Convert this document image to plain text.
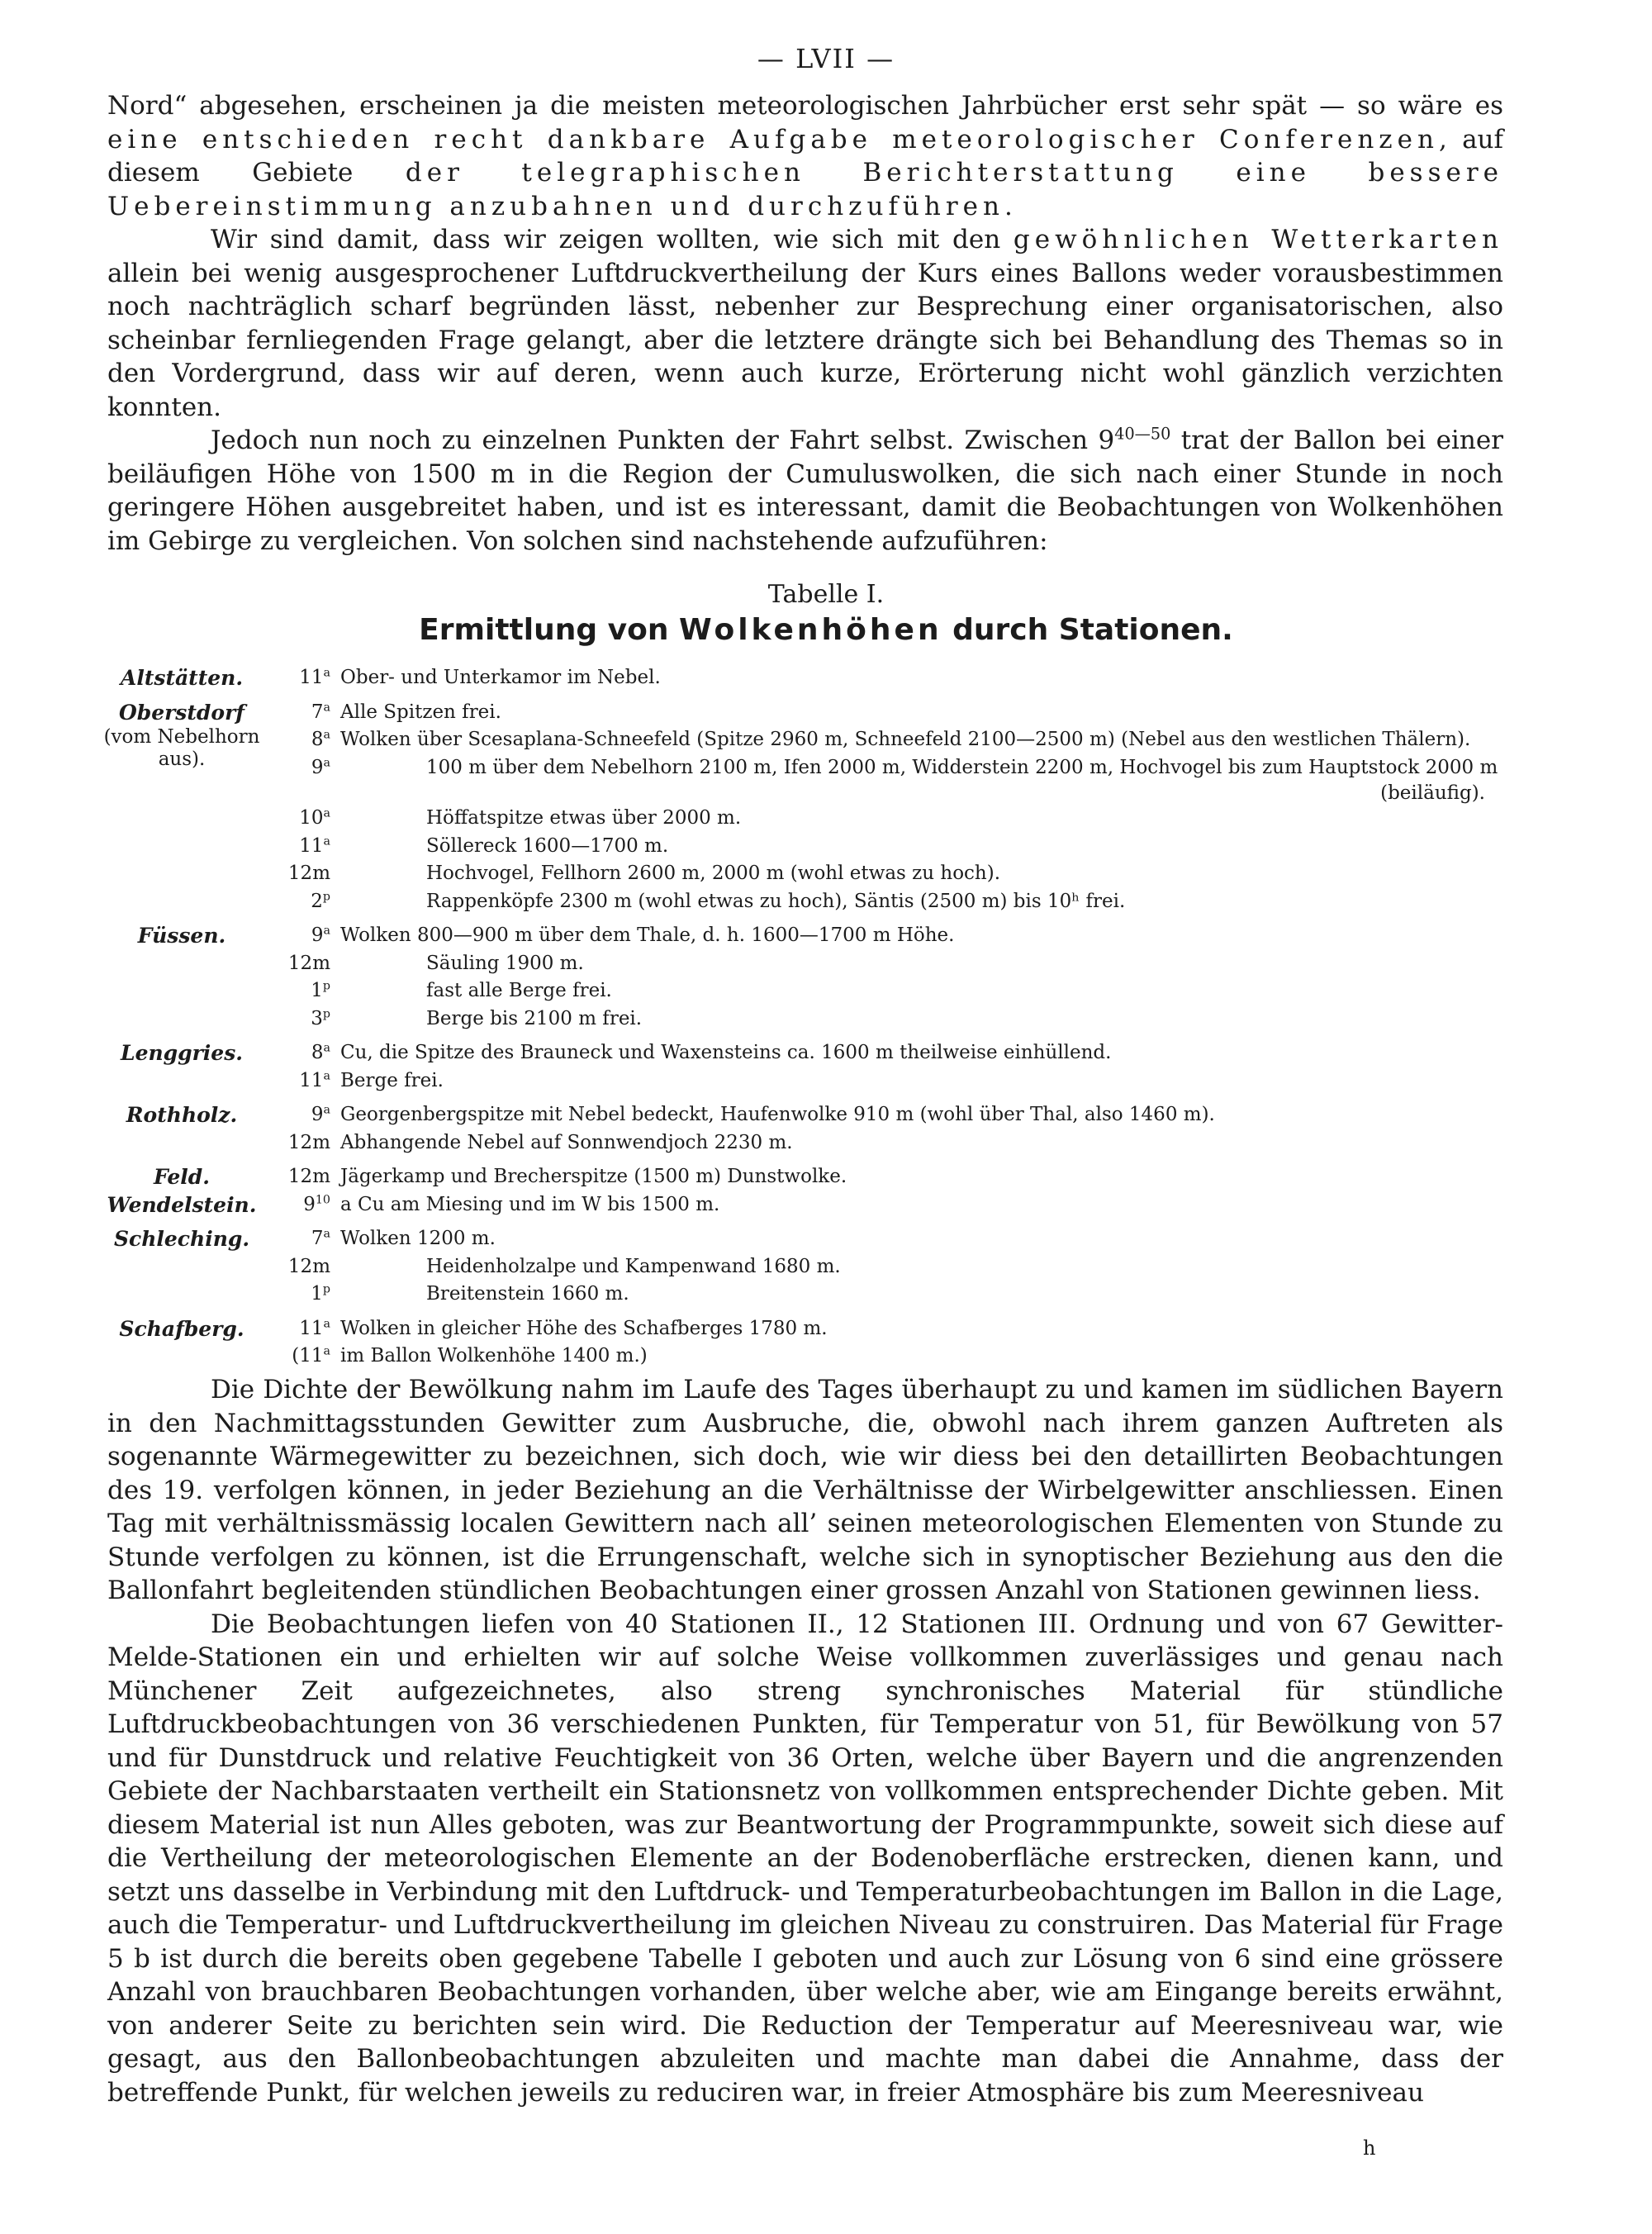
— LVII —

Nord“ abgesehen, erscheinen ja die meisten meteorologischen Jahrbücher erst sehr spät — so wäre es eine entschieden recht dankbare Aufgabe meteorologischer Conferenzen, auf diesem Gebiete der telegraphischen Berichterstattung eine bessere Uebereinstimmung anzubahnen und durchzuführen.

Wir sind damit, dass wir zeigen wollten, wie sich mit den gewöhnlichen Wetterkarten allein bei wenig ausgesprochener Luftdruckvertheilung der Kurs eines Ballons weder vorausbestimmen noch nachträglich scharf begründen lässt, nebenher zur Besprechung einer organisatorischen, also scheinbar fernliegenden Frage gelangt, aber die letztere drängte sich bei Behandlung des Themas so in den Vordergrund, dass wir auf deren, wenn auch kurze, Erörterung nicht wohl gänzlich verzichten konnten.

Jedoch nun noch zu einzelnen Punkten der Fahrt selbst. Zwischen $9^{40—50}$ trat der Ballon bei einer beiläufigen Höhe von 1500 m in die Region der Cumuluswolken, die sich nach einer Stunde in noch geringere Höhen ausgebreitet haben, und ist es interessant, damit die Beobachtungen von Wolkenhöhen im Gebirge zu vergleichen. Von solchen sind nachstehende aufzuführen:

Tabelle I.
Ermittlung von Wolkenhöhen durch Stationen.
Altstätten.	11$^a$ Ober- und Unterkamor im Nebel.
Oberstdorf	7$^a$ Alle Spitzen frei.
(vom Nebelhorn aus).
8$^a$ Wolken über Scesaplana-Schneefeld (Spitze 2960 m, Schneefeld 2100—2500 m) (Nebel aus den westlichen Thälern).
9$^a$	100 m über dem Nebelhorn 2100 m, Ifen 2000 m, Widderstein 2200 m, Hochvogel bis zum Hauptstock 2000 m
(beiläufig).
10$^a$	Höffatspitze etwas über 2000 m.
11$^a$	Söllereck 1600—1700 m.
12m	Hochvogel, Fellhorn 2600 m, 2000 m (wohl etwas zu hoch).
2$^p$	Rappenköpfe 2300 m (wohl etwas zu hoch), Säntis (2500 m) bis 10ʰ frei.
Füssen.	9$^a$ Wolken 800—900 m über dem Thale, d. h. 1600—1700 m Höhe.
12m	Säuling 1900 m.
1$^p$	fast alle Berge frei.
3$^p$	Berge bis 2100 m frei.
Lenggries.	8$^a$ Cu, die Spitze des Brauneck und Waxensteins ca. 1600 m theilweise einhüllend.
11$^a$ Berge frei.
Rothholz.	9$^a$ Georgenbergspitze mit Nebel bedeckt, Haufenwolke 910 m (wohl über Thal, also 1460 m).
12m Abhangende Nebel auf Sonnwendjoch 2230 m.
Feld.	12m Jägerkamp und Brecherspitze (1500 m) Dunstwolke.
Wendelstein.	$9^{10}$ a Cu am Miesing und im W bis 1500 m.
Schleching.	7$^a$ Wolken 1200 m.
12m	Heidenholzalpe und Kampenwand 1680 m.
1$^p$	Breitenstein 1660 m.
Schafberg.	11$^a$ Wolken in gleicher Höhe des Schafberges 1780 m.
(11$^a$ im Ballon Wolkenhöhe 1400 m.)

Die Dichte der Bewölkung nahm im Laufe des Tages überhaupt zu und kamen im südlichen Bayern in den Nachmittagsstunden Gewitter zum Ausbruche, die, obwohl nach ihrem ganzen Auftreten als sogenannte Wärmegewitter zu bezeichnen, sich doch, wie wir diess bei den detaillirten Beobachtungen des 19. verfolgen können, in jeder Beziehung an die Verhältnisse der Wirbelgewitter anschliessen. Einen Tag mit verhältnissmässig localen Gewittern nach all’ seinen meteorologischen Elementen von Stunde zu Stunde verfolgen zu können, ist die Errungenschaft, welche sich in synoptischer Beziehung aus den die Ballonfahrt begleitenden stündlichen Beobachtungen einer grossen Anzahl von Stationen gewinnen liess.

Die Beobachtungen liefen von 40 Stationen II., 12 Stationen III. Ordnung und von 67 Gewitter-Melde-Stationen ein und erhielten wir auf solche Weise vollkommen zuverlässiges und genau nach Münchener Zeit aufgezeichnetes, also streng synchronisches Material für stündliche Luftdruckbeobachtungen von 36 verschiedenen Punkten, für Temperatur von 51, für Bewölkung von 57 und für Dunstdruck und relative Feuchtigkeit von 36 Orten, welche über Bayern und die angrenzenden Gebiete der Nachbarstaaten vertheilt ein Stationsnetz von vollkommen entsprechender Dichte geben. Mit diesem Material ist nun Alles geboten, was zur Beantwortung der Programmpunkte, soweit sich diese auf die Vertheilung der meteorologischen Elemente an der Bodenoberfläche erstrecken, dienen kann, und setzt uns dasselbe in Verbindung mit den Luftdruck- und Temperaturbeobachtungen im Ballon in die Lage, auch die Temperatur- und Luftdruckvertheilung im gleichen Niveau zu construiren. Das Material für Frage 5 b ist durch die bereits oben gegebene Tabelle I geboten und auch zur Lösung von 6 sind eine grössere Anzahl von brauchbaren Beobachtungen vorhanden, über welche aber, wie am Eingange bereits erwähnt, von anderer Seite zu berichten sein wird. Die Reduction der Temperatur auf Meeresniveau war, wie gesagt, aus den Ballonbeobachtungen abzuleiten und machte man dabei die Annahme, dass der betreffende Punkt, für welchen jeweils zu reduciren war, in freier Atmosphäre bis zum Meeresniveau

h
